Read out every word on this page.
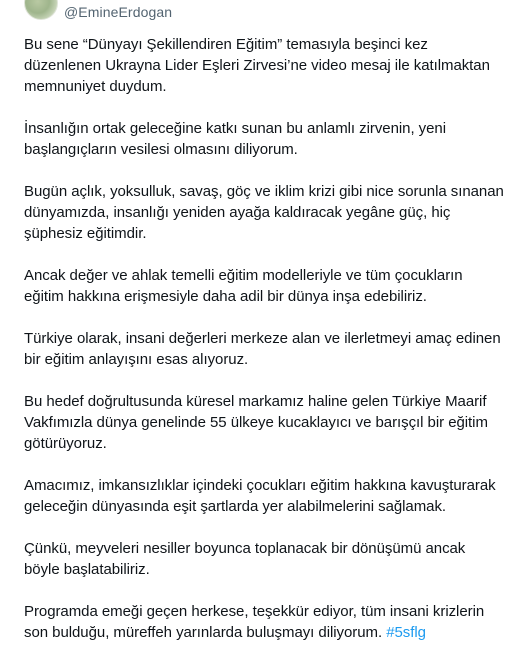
@EmineErdogan

Bu sene “Dünyayı Şekillendiren Eğitim” temasıyla beşinci kez düzenlenen Ukrayna Lider Eşleri Zirvesi’ne video mesaj ile katılmaktan memnuniyet duydum.

İnsanlığın ortak geleceğine katkı sunan bu anlamlı zirvenin, yeni başlangıçların vesilesi olmasını diliyorum.

Bugün açlık, yoksulluk, savaş, göç ve iklim krizi gibi nice sorunla sınanan dünyamızda, insanlığı yeniden ayağa kaldıracak yegâne güç, hiç şüphesiz eğitimdir.

Ancak değer ve ahlak temelli eğitim modelleriyle ve tüm çocukların eğitim hakkına erişmesiyle daha adil bir dünya inşa edebiliriz.

Türkiye olarak, insani değerleri merkeze alan ve ilerletmeyi amaç edinen bir eğitim anlayışını esas alıyoruz.

Bu hedef doğrultusunda küresel markamız haline gelen Türkiye Maarif Vakfımızla dünya genelinde 55 ülkeye kucaklayıcı ve barışçıl bir eğitim götürüyoruz.

Amacımız, imkansızlıklar içindeki çocukları eğitim hakkına kavuşturarak geleceğin dünyasında eşit şartlarda yer alabilmelerini sağlamak.

Çünkü, meyveleri nesiller boyunca toplanacak bir dönüşümü ancak böyle başlatabiliriz.

Programda emeği geçen herkese, teşekkür ediyor, tüm insani krizlerin son bulduğu, müreffeh yarınlarda buluşmayı diliyorum. #5sflg
